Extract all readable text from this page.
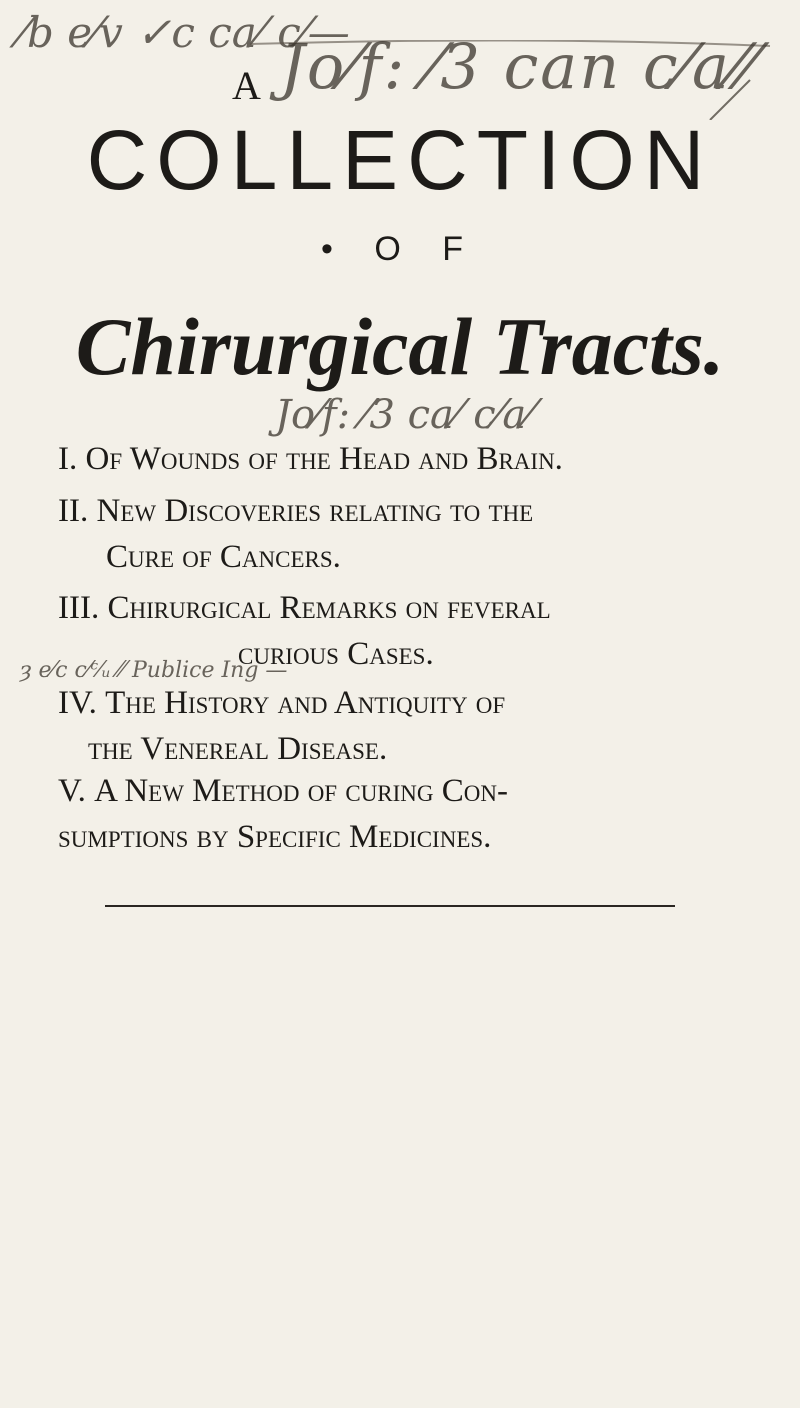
⁄b e⁄v ✓c ca⁄ c⁄—
A Jo⁄f: ⁄3 can c⁄a⁄⁄
COLLECTION
• O F
Chirurgical Tracts.
Jo⁄f: ⁄3 ca⁄ c⁄a⁄
I. Of Wounds of the Head and Brain.
II. New Discoveries relating to the
Cure of Cancers.
III. Chirurgical Remarks on feveral
curious Cases.
ȝ e⁄c c⁄ᶜ⁄ᵤ ⁄⁄ Publice Ing —
IV. The History and Antiquity of
the Venereal Disease.
V. A New Method of curing Con-
sumptions by Specific Medicines.
